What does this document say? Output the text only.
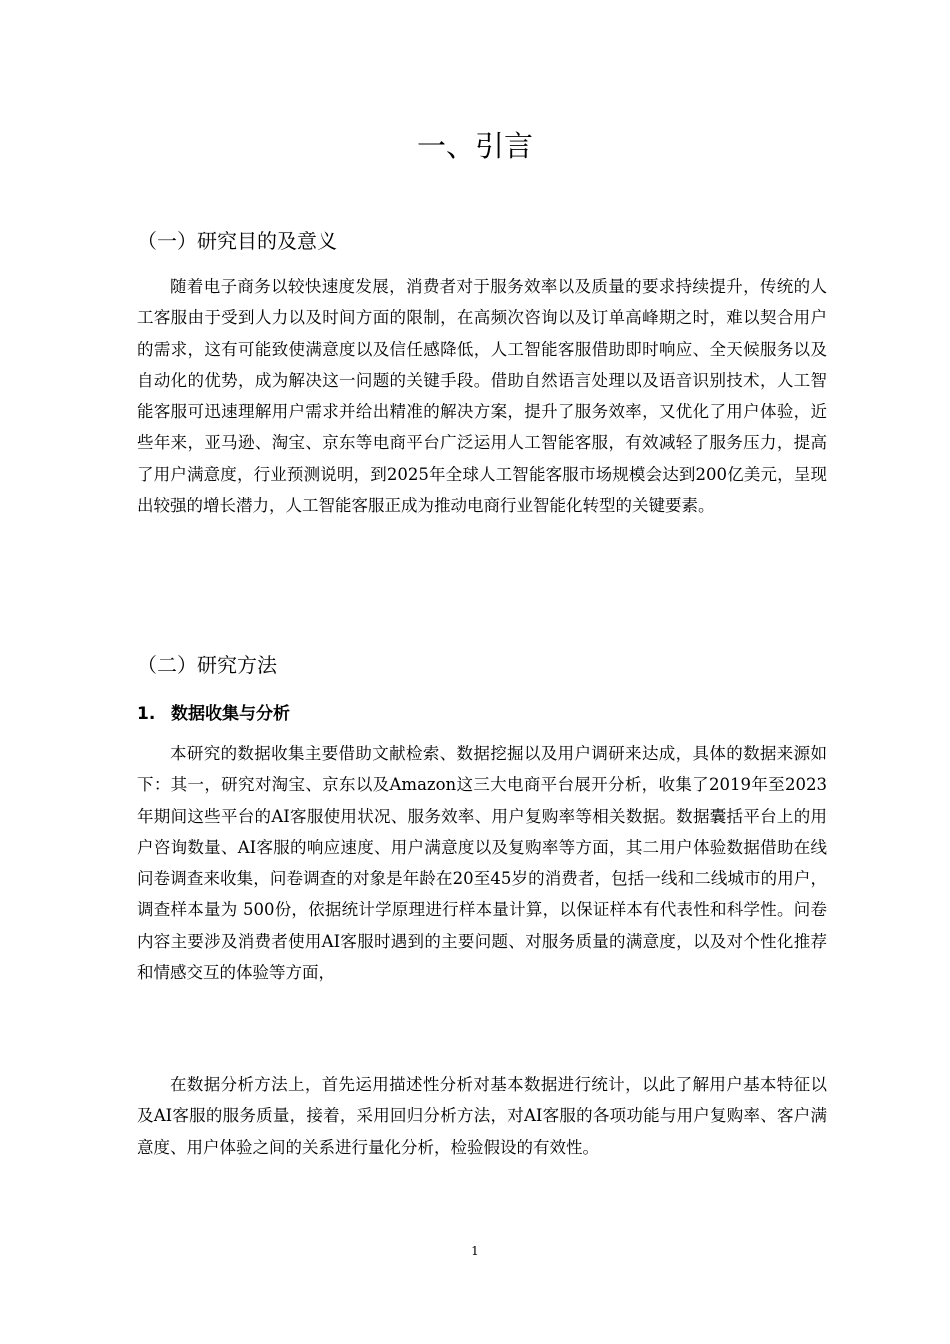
一、引言
（一）研究目的及意义

随着电子商务以较快速度发展，消费者对于服务效率以及质量的要求持续提升，传统的人工客服由于受到人力以及时间方面的限制，在高频次咨询以及订单高峰期之时，难以契合用户的需求，这有可能致使满意度以及信任感降低，人工智能客服借助即时响应、全天候服务以及自动化的优势，成为解决这一问题的关键手段。借助自然语言处理以及语音识别技术，人工智能客服可迅速理解用户需求并给出精准的解决方案，提升了服务效率，又优化了用户体验，近些年来，亚马逊、淘宝、京东等电商平台广泛运用人工智能客服，有效减轻了服务压力，提高了用户满意度，行业预测说明，到2025年全球人工智能客服市场规模会达到200亿美元，呈现出较强的增长潜力，人工智能客服正成为推动电商行业智能化转型的关键要素。

（二）研究方法
1. 数据收集与分析

本研究的数据收集主要借助文献检索、数据挖掘以及用户调研来达成，具体的数据来源如下：其一，研究对淘宝、京东以及Amazon这三大电商平台展开分析，收集了2019年至2023年期间这些平台的AI客服使用状况、服务效率、用户复购率等相关数据。数据囊括平台上的用户咨询数量、AI客服的响应速度、用户满意度以及复购率等方面，其二用户体验数据借助在线问卷调查来收集，问卷调查的对象是年龄在20至45岁的消费者，包括一线和二线城市的用户，调查样本量为 500份，依据统计学原理进行样本量计算，以保证样本有代表性和科学性。问卷内容主要涉及消费者使用AI客服时遇到的主要问题、对服务质量的满意度，以及对个性化推荐和情感交互的体验等方面，

在数据分析方法上，首先运用描述性分析对基本数据进行统计，以此了解用户基本特征以及AI客服的服务质量，接着，采用回归分析方法，对AI客服的各项功能与用户复购率、客户满意度、用户体验之间的关系进行量化分析，检验假设的有效性。

1
